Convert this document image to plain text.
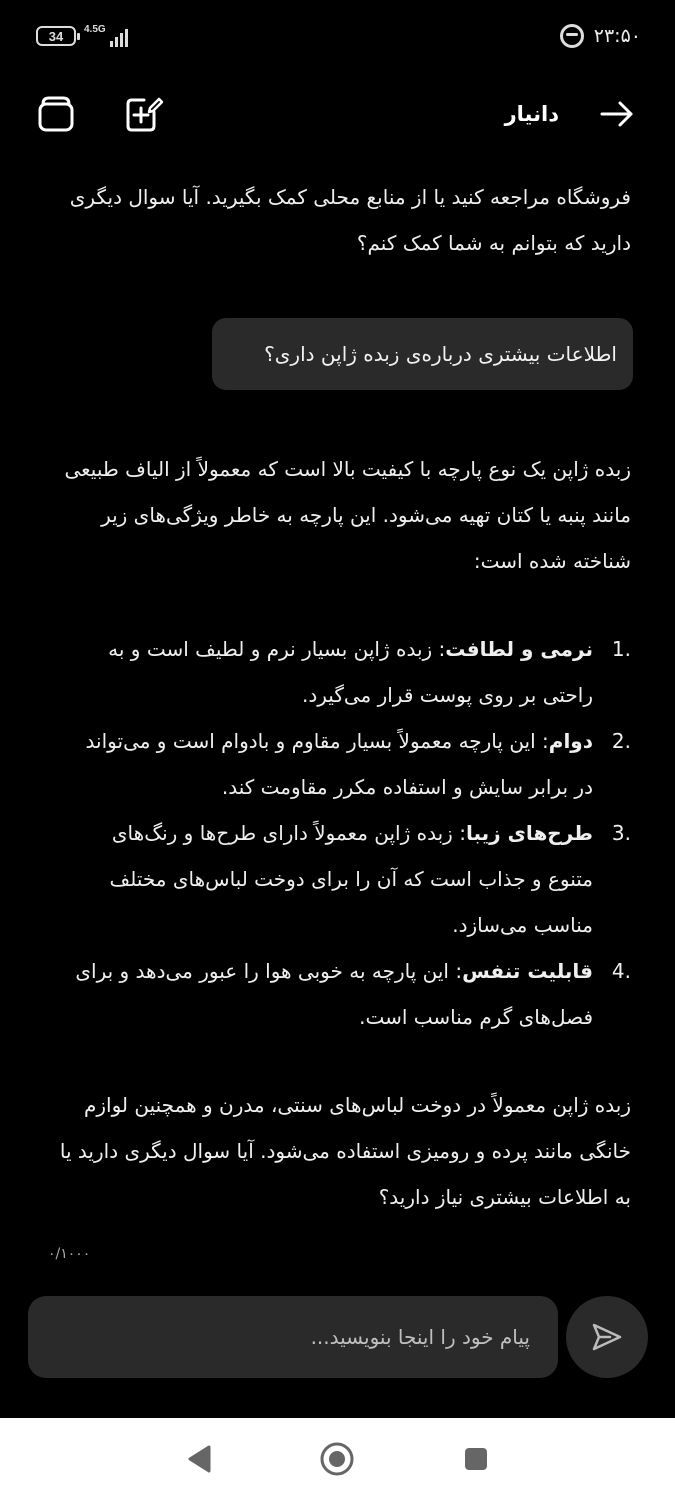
34 4.5G	۲۳:۵۰
دانیار
فروشگاه مراجعه کنید یا از منابع محلی کمک بگیرید. آیا سوال دیگری دارید که بتوانم به شما کمک کنم؟
اطلاعات بیشتری درباره‌ی زبده ژاپن داری؟
زبده ژاپن یک نوع پارچه با کیفیت بالا است که معمولاً از الیاف طبیعی مانند پنبه یا کتان تهیه می‌شود. این پارچه به خاطر ویژگی‌های زیر شناخته شده است:
1.
نرمی و لطافت: زبده ژاپن بسیار نرم و لطیف است و به راحتی بر روی پوست قرار می‌گیرد.
2.
دوام: این پارچه معمولاً بسیار مقاوم و بادوام است و می‌تواند در برابر سایش و استفاده مکرر مقاومت کند.
3.
طرح‌های زیبا: زبده ژاپن معمولاً دارای طرح‌ها و رنگ‌های متنوع و جذاب است که آن را برای دوخت لباس‌های مختلف مناسب می‌سازد.
4.
قابلیت تنفس: این پارچه به خوبی هوا را عبور می‌دهد و برای فصل‌های گرم مناسب است.
زبده ژاپن معمولاً در دوخت لباس‌های سنتی، مدرن و همچنین لوازم خانگی مانند پرده و رومیزی استفاده می‌شود. آیا سوال دیگری دارید یا به اطلاعات بیشتری نیاز دارید؟
۰/۱۰۰۰
پیام خود را اینجا بنویسید...
